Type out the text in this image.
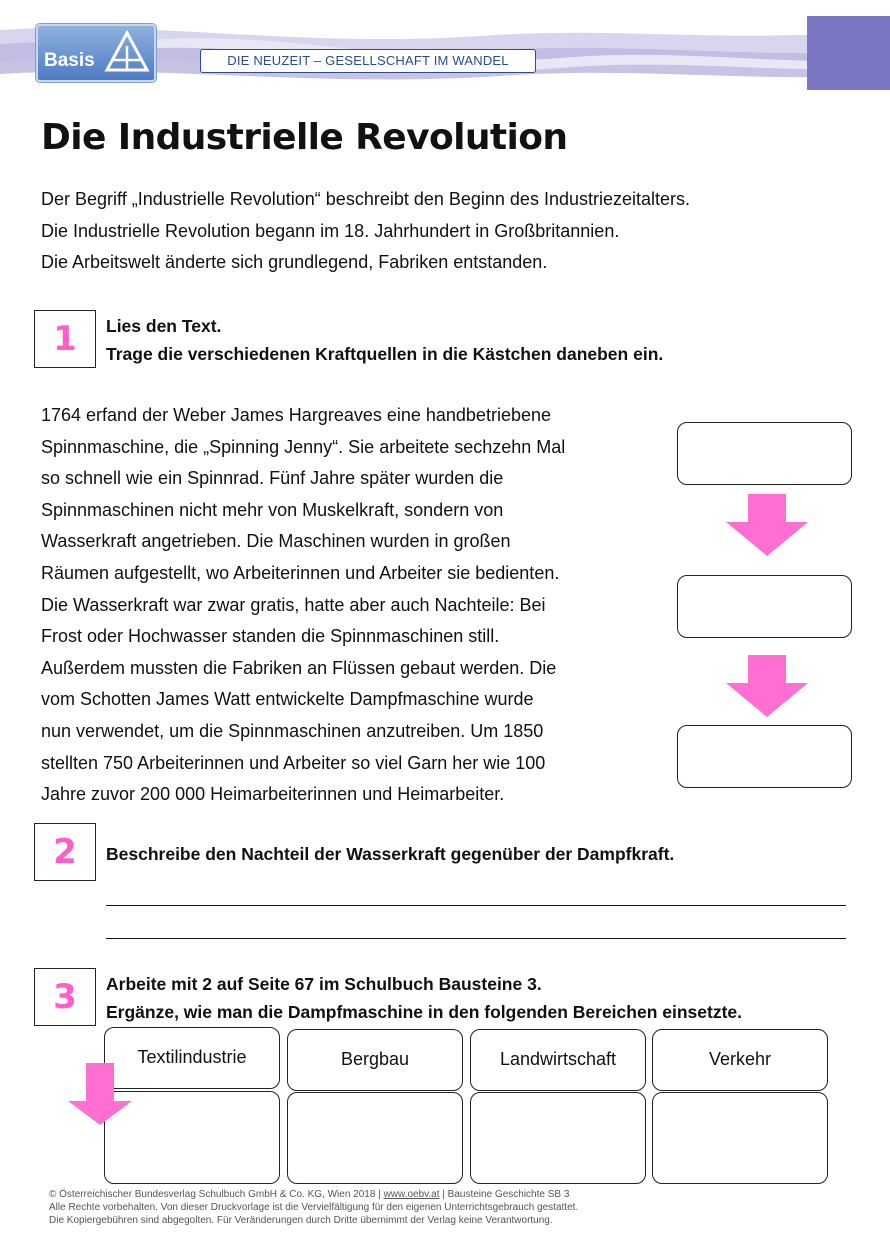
Basis	DIE NEUZEIT – GESELLSCHAFT IM WANDEL
Die Industrielle Revolution
Der Begriff „Industrielle Revolution“ beschreibt den Beginn des Industriezeitalters.
Die Industrielle Revolution begann im 18. Jahrhundert in Großbritannien.
Die Arbeitswelt änderte sich grundlegend, Fabriken entstanden.
1	Lies den Text.
Trage die verschiedenen Kraftquellen in die Kästchen daneben ein.
1764 erfand der Weber James Hargreaves eine handbetriebene
Spinnmaschine, die „Spinning Jenny“. Sie arbeitete sechzehn Mal
so schnell wie ein Spinnrad. Fünf Jahre später wurden die
Spinnmaschinen nicht mehr von Muskelkraft, sondern von
Wasserkraft angetrieben. Die Maschinen wurden in großen
Räumen aufgestellt, wo Arbeiterinnen und Arbeiter sie bedienten.
Die Wasserkraft war zwar gratis, hatte aber auch Nachteile: Bei
Frost oder Hochwasser standen die Spinnmaschinen still.
Außerdem mussten die Fabriken an Flüssen gebaut werden. Die
vom Schotten James Watt entwickelte Dampfmaschine wurde
nun verwendet, um die Spinnmaschinen anzutreiben. Um 1850
stellten 750 Arbeiterinnen und Arbeiter so viel Garn her wie 100
Jahre zuvor 200 000 Heimarbeiterinnen und Heimarbeiter.
2	Beschreibe den Nachteil der Wasserkraft gegenüber der Dampfkraft.
3	Arbeite mit 2 auf Seite 67 im Schulbuch Bausteine 3.
Ergänze, wie man die Dampfmaschine in den folgenden Bereichen einsetzte.
Textilindustrie	Bergbau	Landwirtschaft	Verkehr
© Österreichischer Bundesverlag Schulbuch GmbH & Co. KG, Wien 2018 | www.oebv.at | Bausteine Geschichte SB 3
Alle Rechte vorbehalten. Von dieser Druckvorlage ist die Vervielfältigung für den eigenen Unterrichtsgebrauch gestattet.
Die Kopiergebühren sind abgegolten. Für Veränderungen durch Dritte übernimmt der Verlag keine Verantwortung.
